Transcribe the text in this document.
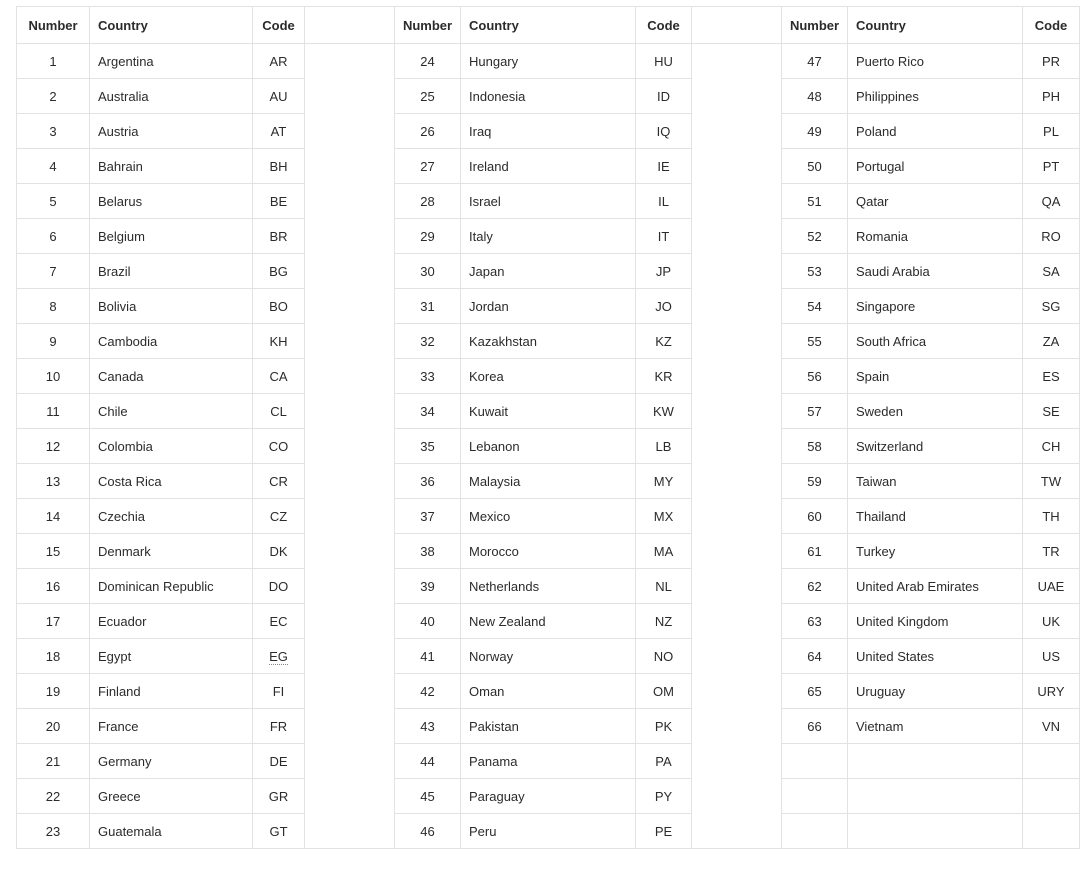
Number	Country	Code		Number	Country	Code		Number	Country	Code
1	Argentina	AR		24	Hungary	HU		47	Puerto Rico	PR
2	Australia	AU		25	Indonesia	ID		48	Philippines	PH
3	Austria	AT		26	Iraq	IQ		49	Poland	PL
4	Bahrain	BH		27	Ireland	IE		50	Portugal	PT
5	Belarus	BE		28	Israel	IL		51	Qatar	QA
6	Belgium	BR		29	Italy	IT		52	Romania	RO
7	Brazil	BG		30	Japan	JP		53	Saudi Arabia	SA
8	Bolivia	BO		31	Jordan	JO		54	Singapore	SG
9	Cambodia	KH		32	Kazakhstan	KZ		55	South Africa	ZA
10	Canada	CA		33	Korea	KR		56	Spain	ES
11	Chile	CL		34	Kuwait	KW		57	Sweden	SE
12	Colombia	CO		35	Lebanon	LB		58	Switzerland	CH
13	Costa Rica	CR		36	Malaysia	MY		59	Taiwan	TW
14	Czechia	CZ		37	Mexico	MX		60	Thailand	TH
15	Denmark	DK		38	Morocco	MA		61	Turkey	TR
16	Dominican Republic	DO		39	Netherlands	NL		62	United Arab Emirates	UAE
17	Ecuador	EC		40	New Zealand	NZ		63	United Kingdom	UK
18	Egypt	EG		41	Norway	NO		64	United States	US
19	Finland	FI		42	Oman	OM		65	Uruguay	URY
20	France	FR		43	Pakistan	PK		66	Vietnam	VN
21	Germany	DE		44	Panama	PA				
22	Greece	GR		45	Paraguay	PY				
23	Guatemala	GT		46	Peru	PE				
